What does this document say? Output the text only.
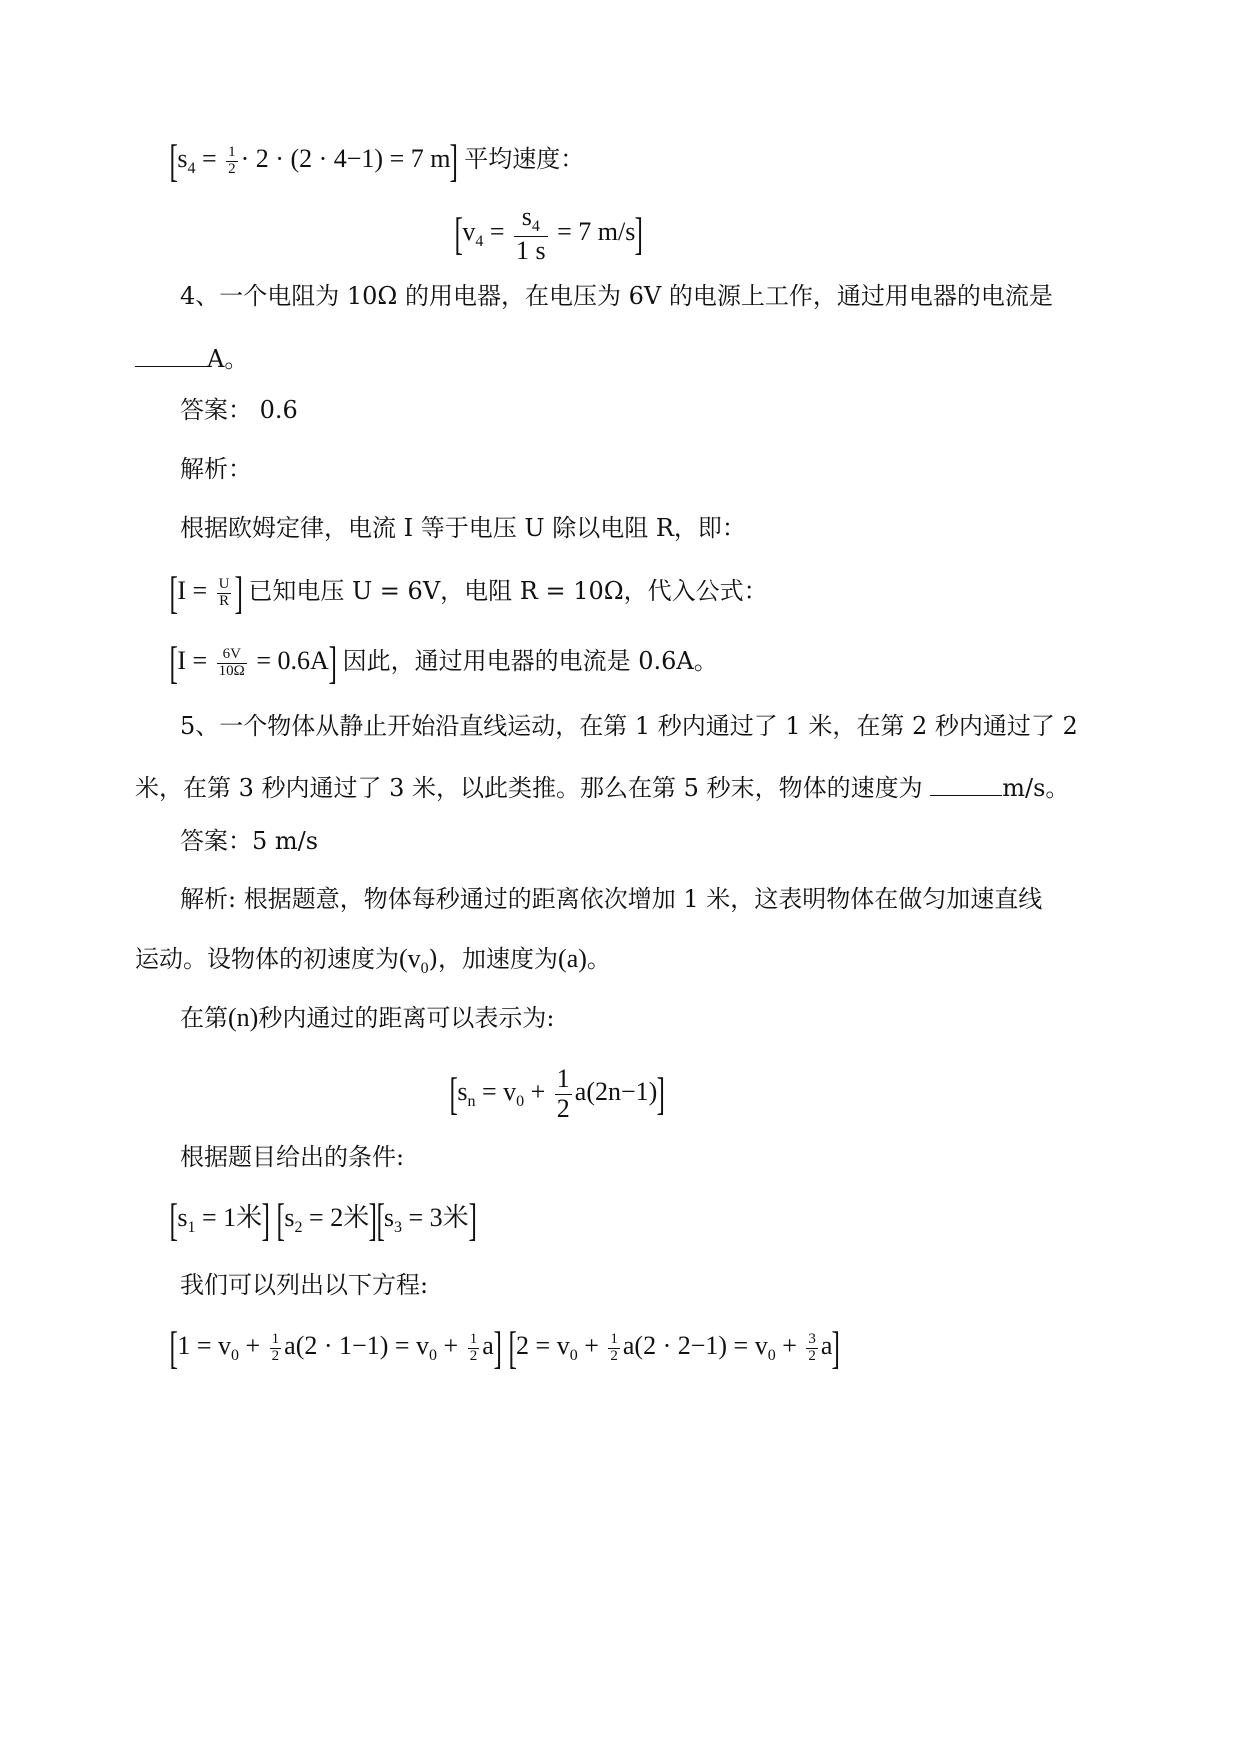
[$s_4 = \frac{1}{2} \cdot 2 \cdot (2 \cdot 4-1) = 7$ m] 平均速度：
[$v_4 = \frac{s_4}{1 s} = 7$ m/s]
4、一个电阻为 10Ω 的用电器，在电压为 6V 的电源上工作，通过用电器的电流是
A。
答案： 0.6
解析：
根据欧姆定律，电流 I 等于电压 U 除以电阻 R，即：
[$I = \frac{U}{R}$ ] 已知电压 U = 6V，电阻 R = 10Ω，代入公式：
$[I = \frac{6V}{10\Omega} = 0.6A]$ 因此，通过用电器的电流是 0.6A。
5、一个物体从静止开始沿直线运动，在第 1 秒内通过了 1 米，在第 2 秒内通过了 2
米，在第 3 秒内通过了 3 米，以此类推。那么在第 5 秒末，物体的速度为	m/s。
答案：5 m/s
解析: 根据题意，物体每秒通过的距离依次增加 1 米，这表明物体在做匀加速直线
运动。设物体的初速度为$(v_0)$，加速度为(a)。
在第(n)秒内通过的距离可以表示为:
$[s_n = v_0 + \frac{1}{2} a(2n-1)]$
根据题目给出的条件:
[$s_1 = 1$米] [$s_2 = 2$米][$s_3 = 3$米]
我们可以列出以下方程:
$[1 = v_0 + \frac{1}{2} a(2 \cdot 1-1) = v_0 + \frac{1}{2} a]$ $[2 = v_0 + \frac{1}{2} a(2 \cdot 2-1) = v_0 + \frac{3}{2} a]$
